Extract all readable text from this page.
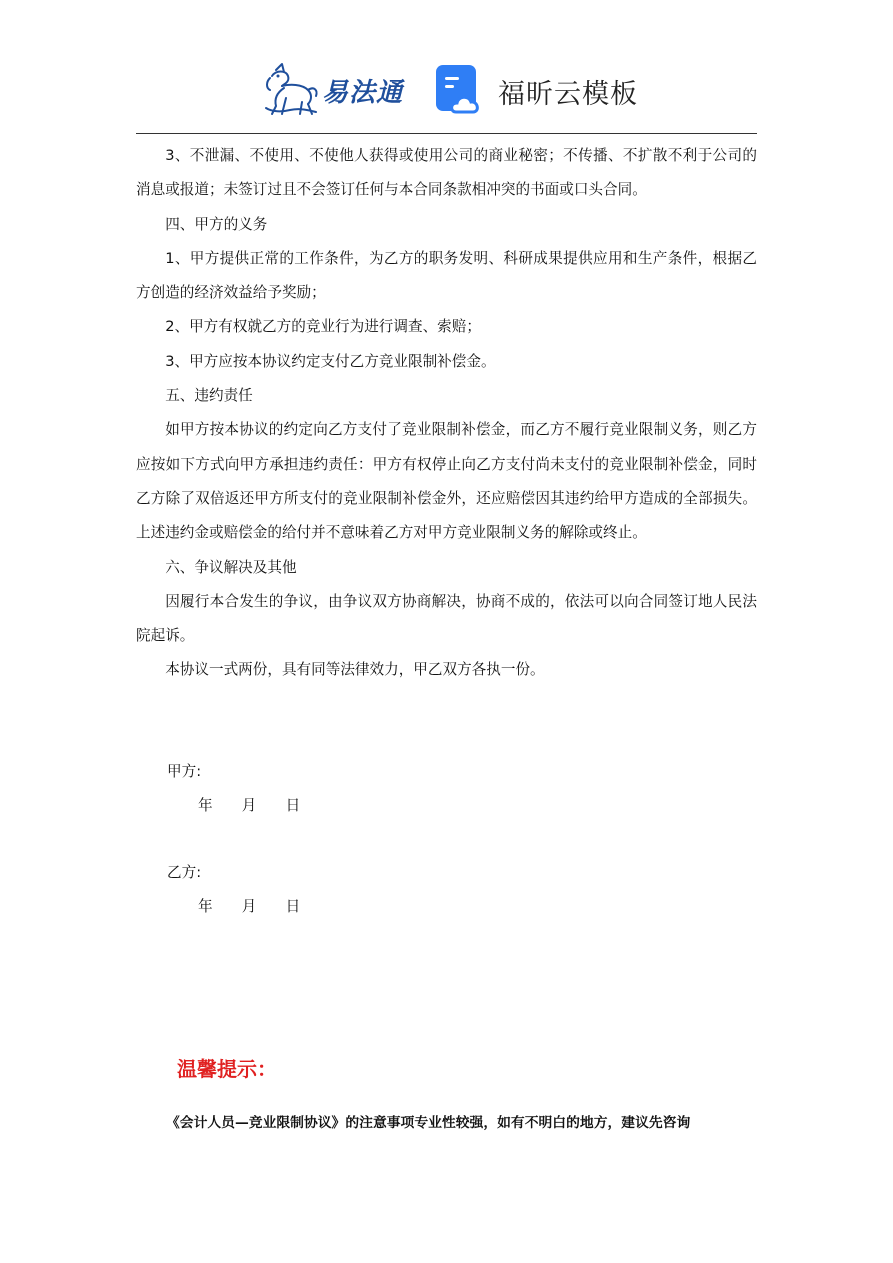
易法通	福昕云模板

3、不泄漏、不使用、不使他人获得或使用公司的商业秘密；不传播、不扩散不利于公司的消息或报道；未签订过且不会签订任何与本合同条款相冲突的书面或口头合同。

四、甲方的义务

1、甲方提供正常的工作条件，为乙方的职务发明、科研成果提供应用和生产条件，根据乙方创造的经济效益给予奖励；

2、甲方有权就乙方的竞业行为进行调查、索赔；

3、甲方应按本协议约定支付乙方竞业限制补偿金。

五、违约责任

如甲方按本协议的约定向乙方支付了竞业限制补偿金，而乙方不履行竞业限制义务，则乙方应按如下方式向甲方承担违约责任：甲方有权停止向乙方支付尚未支付的竞业限制补偿金，同时乙方除了双倍返还甲方所支付的竞业限制补偿金外，还应赔偿因其违约给甲方造成的全部损失。上述违约金或赔偿金的给付并不意味着乙方对甲方竞业限制义务的解除或终止。

六、争议解决及其他

因履行本合发生的争议，由争议双方协商解决，协商不成的，依法可以向合同签订地人民法院起诉。

本协议一式两份，具有同等法律效力，甲乙双方各执一份。

甲方:
年　　月　　日
乙方:
年　　月　　日
温馨提示：
《会计人员—竞业限制协议》的注意事项专业性较强，如有不明白的地方，建议先咨询
